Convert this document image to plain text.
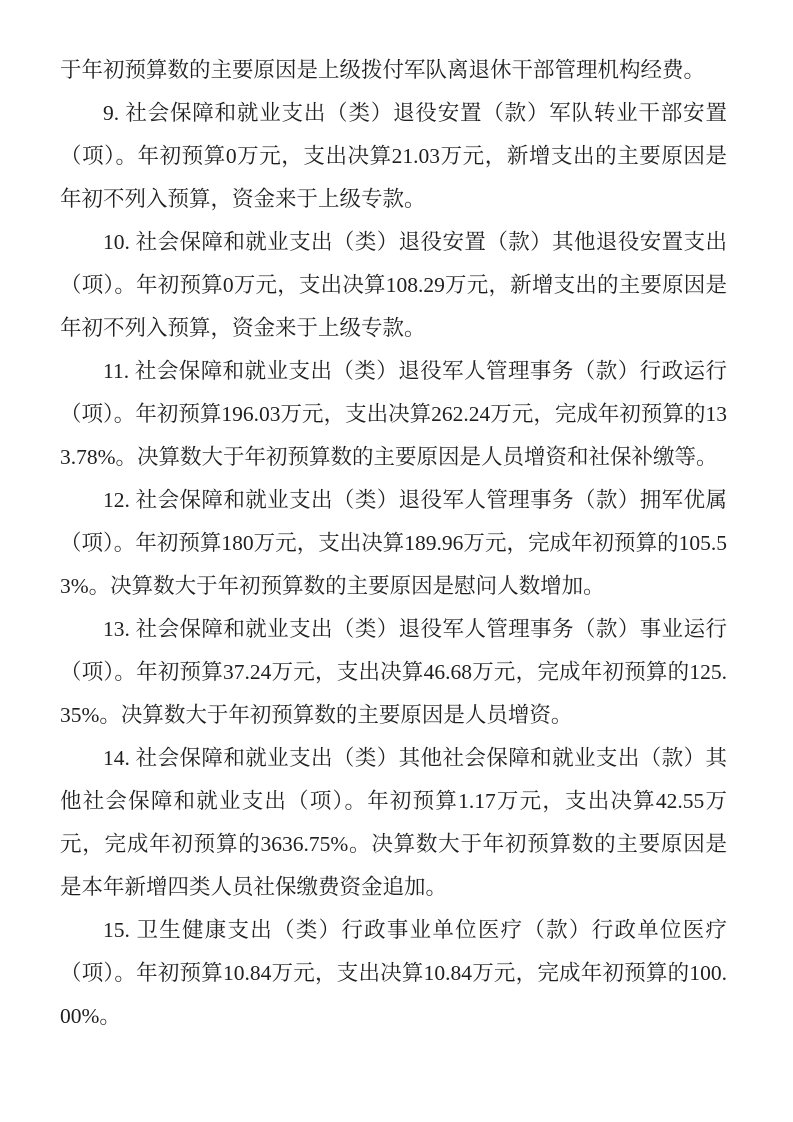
于年初预算数的主要原因是上级拨付军队离退休干部管理机构经费。

9. 社会保障和就业支出（类）退役安置（款）军队转业干部安置（项）。年初预算0万元，支出决算21.03万元，新增支出的主要原因是年初不列入预算，资金来于上级专款。

10. 社会保障和就业支出（类）退役安置（款）其他退役安置支出（项）。年初预算0万元，支出决算108.29万元，新增支出的主要原因是年初不列入预算，资金来于上级专款。

11. 社会保障和就业支出（类）退役军人管理事务（款）行政运行（项）。年初预算196.03万元，支出决算262.24万元，完成年初预算的133.78%。决算数大于年初预算数的主要原因是人员增资和社保补缴等。

12. 社会保障和就业支出（类）退役军人管理事务（款）拥军优属（项）。年初预算180万元，支出决算189.96万元，完成年初预算的105.53%。决算数大于年初预算数的主要原因是慰问人数增加。

13. 社会保障和就业支出（类）退役军人管理事务（款）事业运行（项）。年初预算37.24万元，支出决算46.68万元，完成年初预算的125.35%。决算数大于年初预算数的主要原因是人员增资。

14. 社会保障和就业支出（类）其他社会保障和就业支出（款）其他社会保障和就业支出（项）。年初预算1.17万元，支出决算42.55万元，完成年初预算的3636.75%。决算数大于年初预算数的主要原因是是本年新增四类人员社保缴费资金追加。

15. 卫生健康支出（类）行政事业单位医疗（款）行政单位医疗（项）。年初预算10.84万元，支出决算10.84万元，完成年初预算的100.00%。
